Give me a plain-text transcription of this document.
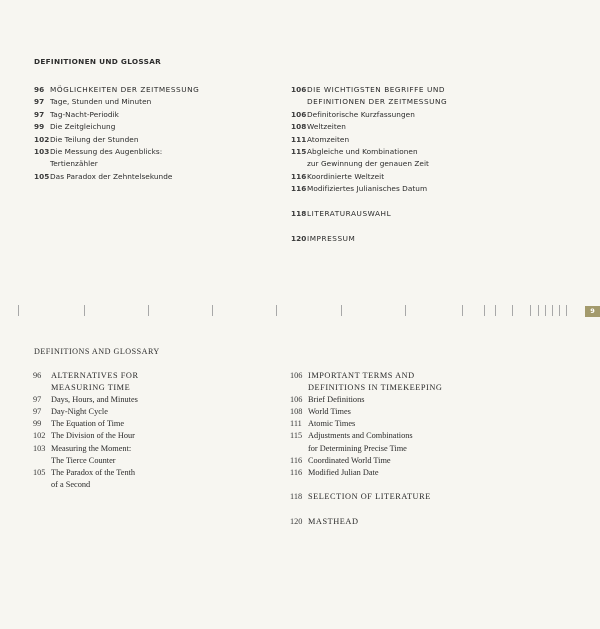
DEFINITIONEN UND GLOSSAR
96 MÖGLICHKEITEN DER ZEITMESSUNG
97 Tage, Stunden und Minuten
97 Tag-Nacht-Periodik
99 Die Zeitgleichung
102 Die Teilung der Stunden
103 Die Messung des Augenblicks:
Tertienzähler
105 Das Paradox der Zehntelsekunde
106 DIE WICHTIGSTEN BEGRIFFE UND
DEFINITIONEN DER ZEITMESSUNG
106 Definitorische Kurzfassungen
108 Weltzeiten
111 Atomzeiten
115 Abgleiche und Kombinationen
zur Gewinnung der genauen Zeit
116 Koordinierte Weltzeit
116 Modifiziertes Julianisches Datum
118 LITERATURAUSWAHL
120 IMPRESSUM
9
DEFINITIONS AND GLOSSARY
96	ALTERNATIVES FOR
MEASURING TIME
97	Days, Hours, and Minutes
97	Day-Night Cycle
99	The Equation of Time
102 The Division of the Hour
103 Measuring the Moment:
The Tierce Counter
105 The Paradox of the Tenth
of a Second
106 IMPORTANT TERMS AND
DEFINITIONS IN TIMEKEEPING
106 Brief Definitions
108 World Times
111 Atomic Times
115 Adjustments and Combinations
for Determining Precise Time
116 Coordinated World Time
116 Modified Julian Date
118 SELECTION OF LITERATURE
120 MASTHEAD
